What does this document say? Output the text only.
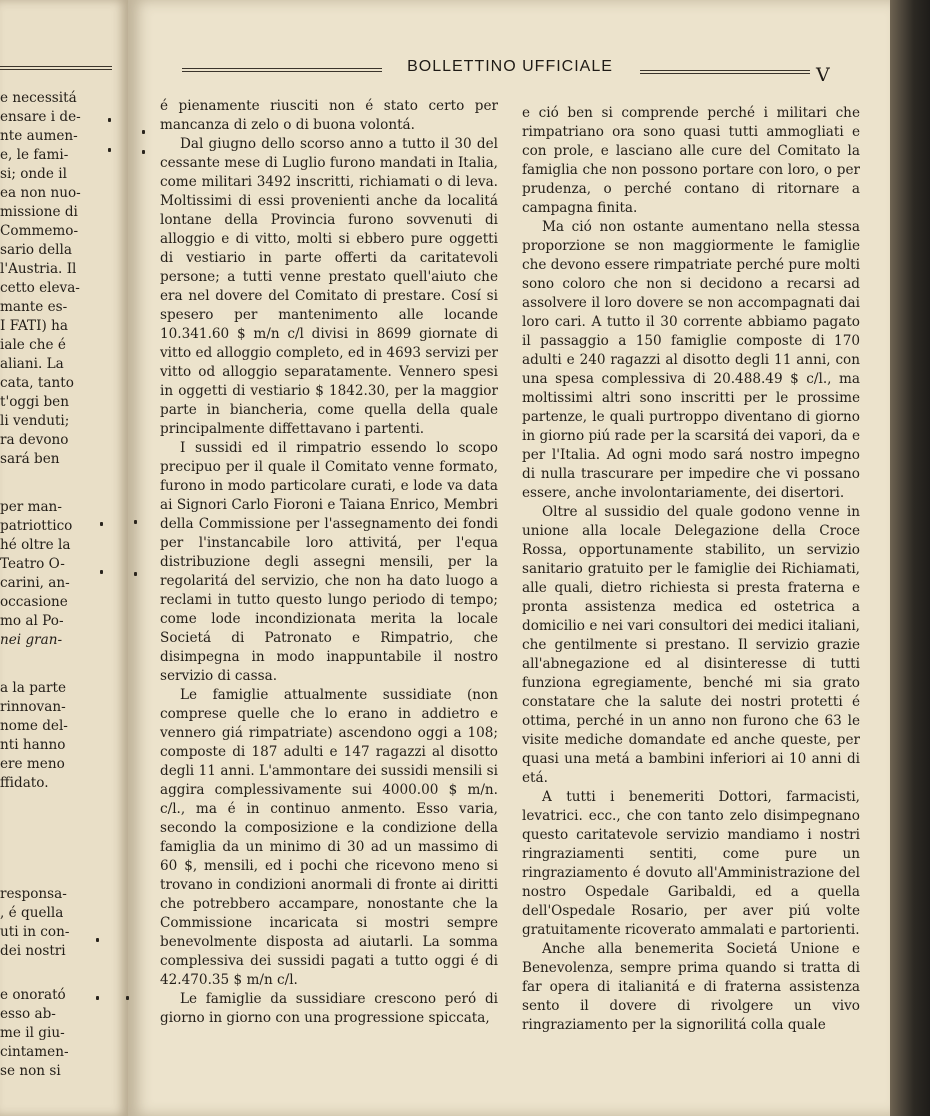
BOLLETTINO UFFICIALE	V
e necessitá
ensare i de-
nte aumen-
e, le fami-
si; onde il
ea non nuo-
missione di
Commemo-
sario della
l'Austria. Il
cetto eleva-
mante es-
I FATI) ha
iale che é
aliani. La
cata, tanto
t'oggi ben
li venduti;
ra devono
sará ben
per man-
patriottico
hé oltre la
Teatro O-
carini, an-
occasione
mo al Po-
nei gran-
a la parte
rinnovan-
nome del-
nti hanno
ere meno
ffidato.
responsa-
, é quella
uti in con-
dei nostri
e onorató
esso ab-
me il giu-
cintamen-
se non si

é pienamente riusciti non é stato certo per mancanza di zelo o di buona volontá.

Dal giugno dello scorso anno a tutto il 30 del cessante mese di Luglio furono mandati in Italia, come militari 3492 inscritti, richiamati o di leva. Moltissimi di essi provenienti anche da localitá lontane della Provincia furono sovvenuti di alloggio e di vitto, molti si ebbero pure oggetti di vestiario in parte offerti da caritatevoli persone; a tutti venne prestato quell'aiuto che era nel dovere del Comitato di prestare. Cosí si spesero per mantenimento alle locande 10.341.60 $ m/n c/l divisi in 8699 giornate di vitto ed alloggio completo, ed in 4693 servizi per vitto od alloggio separatamente. Vennero spesi in oggetti di vestiario $ 1842.30, per la maggior parte in biancheria, come quella della quale principalmente diffettavano i partenti.

I sussidi ed il rimpatrio essendo lo scopo precipuo per il quale il Comitato venne formato, furono in modo particolare curati, e lode va data ai Signori Carlo Fioroni e Taiana Enrico, Membri della Commissione per l'assegnamento dei fondi per l'instancabile loro attivitá, per l'equa distribuzione degli assegni mensili, per la regolaritá del servizio, che non ha dato luogo a reclami in tutto questo lungo periodo di tempo; come lode incondizionata merita la locale Societá di Patronato e Rimpatrio, che disimpegna in modo inappuntabile il nostro servizio di cassa.

Le famiglie attualmente sussidiate (non comprese quelle che lo erano in addietro e vennero giá rimpatriate) ascendono oggi a 108; composte di 187 adulti e 147 ragazzi al disotto degli 11 anni. L'ammontare dei sussidi mensili si aggira complessivamente sui 4000.00 $ m/n. c/l., ma é in continuo anmento. Esso varia, secondo la composizione e la condizione della famiglia da un minimo di 30 ad un massimo di 60 $, mensili, ed i pochi che ricevono meno si trovano in condizioni anormali di fronte ai diritti che potrebbero accampare, nonostante che la Commissione incaricata si mostri sempre benevolmente disposta ad aiutarli. La somma complessiva dei sussidi pagati a tutto oggi é di 42.470.35 $ m/n c/l.

Le famiglie da sussidiare crescono peró di giorno in giorno con una progressione spiccata,

e ció ben si comprende perché i militari che rimpatriano ora sono quasi tutti ammogliati e con prole, e lasciano alle cure del Comitato la famiglia che non possono portare con loro, o per prudenza, o perché contano di ritornare a campagna finita.

Ma ció non ostante aumentano nella stessa proporzione se non maggiormente le famiglie che devono essere rimpatriate perché pure molti sono coloro che non si decidono a recarsi ad assolvere il loro dovere se non accompagnati dai loro cari. A tutto il 30 corrente abbiamo pagato il passaggio a 150 famiglie composte di 170 adulti e 240 ragazzi al disotto degli 11 anni, con una spesa complessiva di 20.488.49 $ c/l., ma moltissimi altri sono inscritti per le prossime partenze, le quali purtroppo diventano di giorno in giorno piú rade per la scarsitá dei vapori, da e per l'Italia. Ad ogni modo sará nostro impegno di nulla trascurare per impedire che vi possano essere, anche involontariamente, dei disertori.

Oltre al sussidio del quale godono venne in unione alla locale Delegazione della Croce Rossa, opportunamente stabilito, un servizio sanitario gratuito per le famiglie dei Richiamati, alle quali, dietro richiesta si presta fraterna e pronta assistenza medica ed ostetrica a domicilio e nei vari consultori dei medici italiani, che gentilmente si prestano. Il servizio grazie all'abnegazione ed al disinteresse di tutti funziona egregiamente, benché mi sia grato constatare che la salute dei nostri protetti é ottima, perché in un anno non furono che 63 le visite mediche domandate ed anche queste, per quasi una metá a bambini inferiori ai 10 anni di etá.

A tutti i benemeriti Dottori, farmacisti, levatrici. ecc., che con tanto zelo disimpegnano questo caritatevole servizio mandiamo i nostri ringraziamenti sentiti, come pure un ringraziamento é dovuto all'Amministrazione del nostro Ospedale Garibaldi, ed a quella dell'Ospedale Rosario, per aver piú volte gratuitamente ricoverato ammalati e partorienti.

Anche alla benemerita Societá Unione e Benevolenza, sempre prima quando si tratta di far opera di italianitá e di fraterna assistenza sento il dovere di rivolgere un vivo ringraziamento per la signorilitá colla quale
